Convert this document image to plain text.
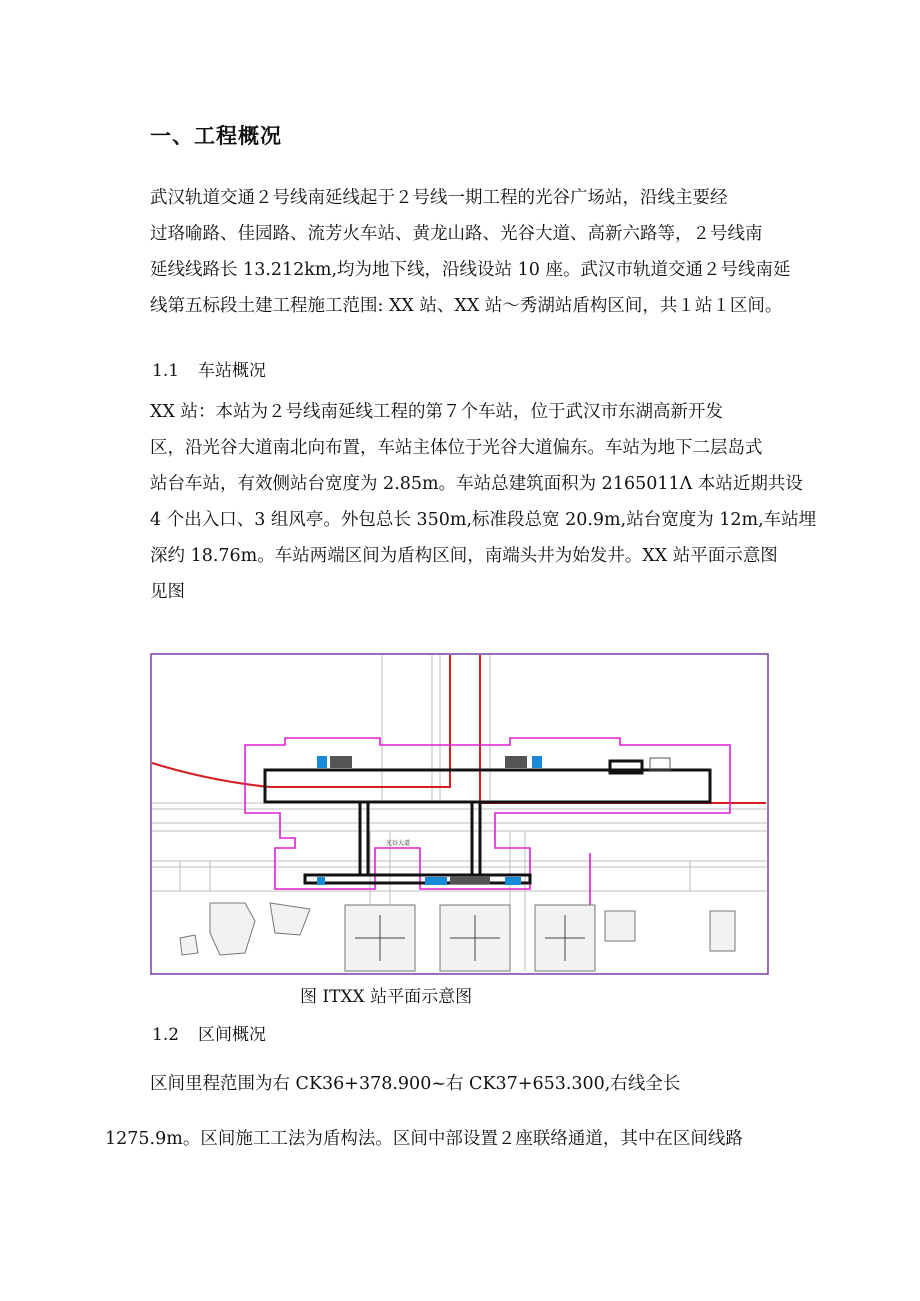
一、工程概况
武汉轨道交通２号线南延线起于２号线一期工程的光谷广场站，沿线主要经
过珞喻路、佳园路、流芳火车站、黄龙山路、光谷大道、高新六路等，２号线南
延线线路长 13.212km,均为地下线，沿线设站 10 座。武汉市轨道交通２号线南延
线第五标段土建工程施工范围: XX 站、XX 站～秀湖站盾构区间，共１站１区间。
1.1 车站概况
XX 站：本站为２号线南延线工程的第７个车站，位于武汉市东湖高新开发
区，沿光谷大道南北向布置，车站主体位于光谷大道偏东。车站为地下二层岛式
站台车站，有效侧站台宽度为 2.85m。车站总建筑面积为 2165011Λ 本站近期共设
4 个出入口、3 组风亭。外包总长 350m,标准段总宽 20.9m,站台宽度为 12m,车站埋
深约 18.76m。车站两端区间为盾构区间，南端头井为始发井。XX 站平面示意图
见图
光谷大道
图 ITXX 站平面示意图
1.2 区间概况
区间里程范围为右 CK36+378.900~右 CK37+653.300,右线全长
1275.9m。区间施工工法为盾构法。区间中部设置２座联络通道，其中在区间线路
